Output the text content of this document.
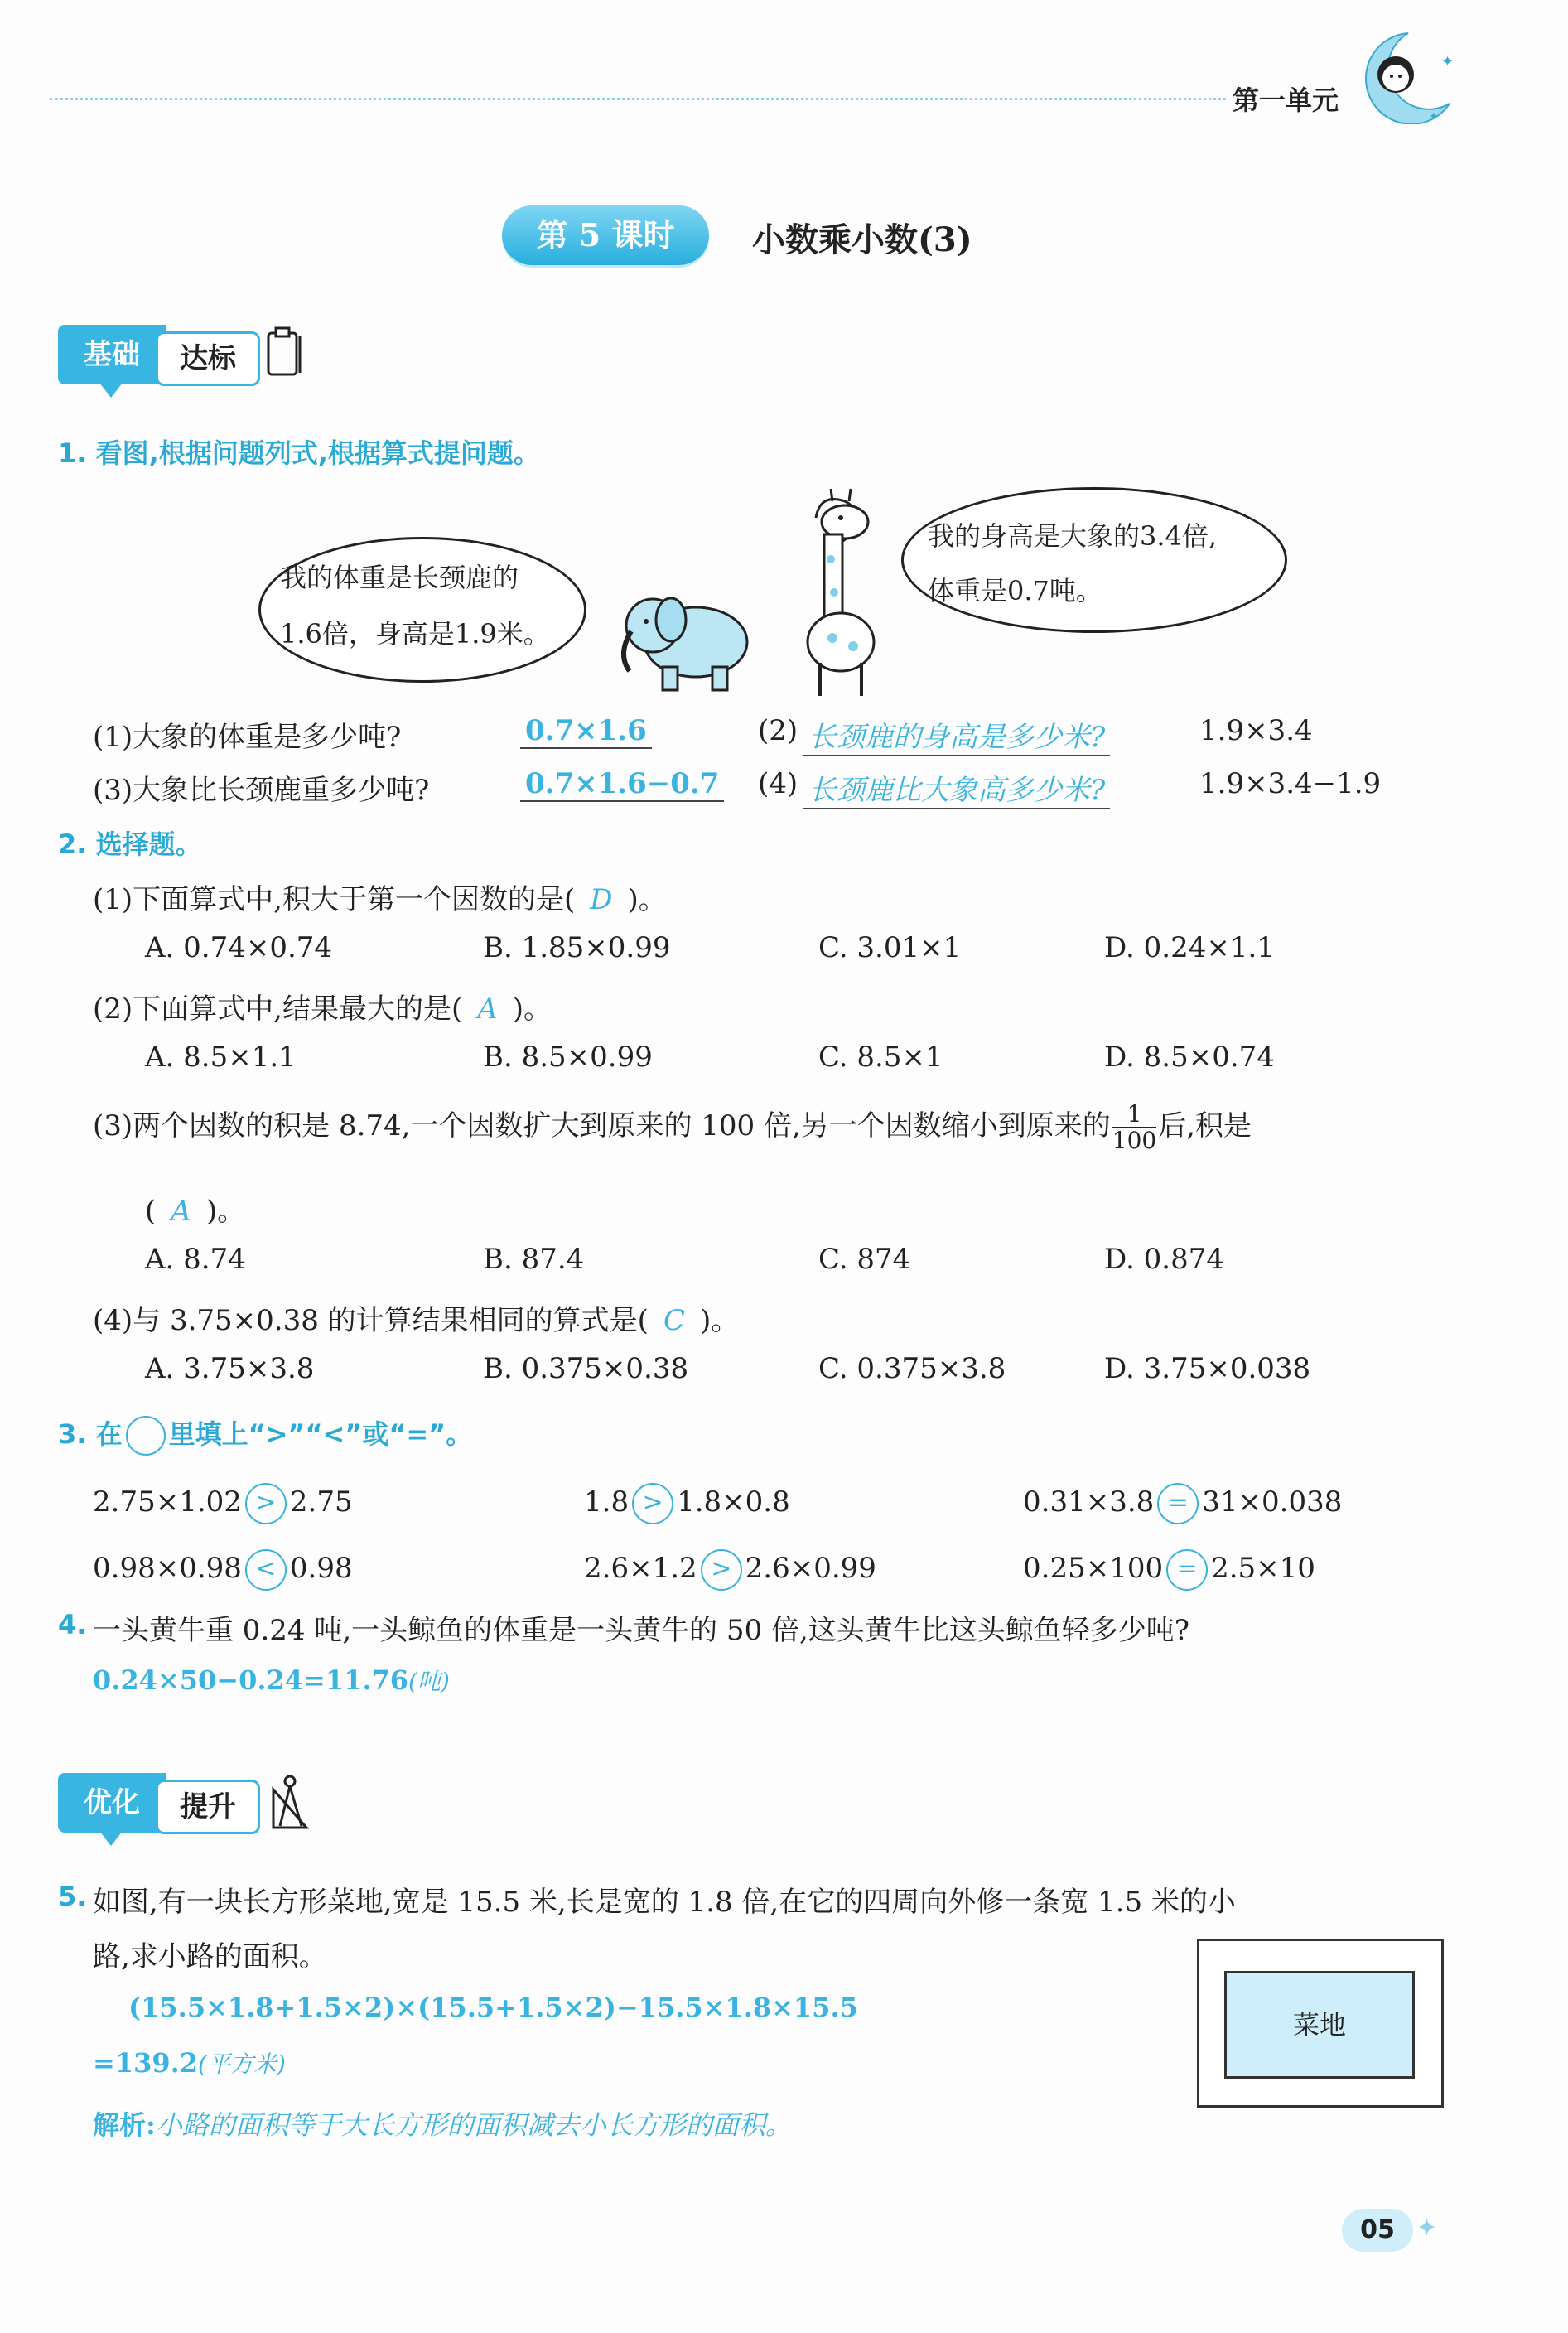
第一单元
✦
✦
第 5 课时	小数乘小数(3)
基础	达标
1. 看图,根据问题列式,根据算式提问题。
我的体重是长颈鹿的
1.6倍，身高是1.9米。
我的身高是大象的3.4倍,
体重是0.7吨。
(1)大象的体重是多少吨?	0.7×1.6	(2) 长颈鹿的身高是多少米?	1.9×3.4
(3)大象比长颈鹿重多少吨?	0.7×1.6−0.7 (4) 长颈鹿比大象高多少米?	1.9×3.4−1.9
2. 选择题。
(1)下面算式中,积大于第一个因数的是( D )。
A. 0.74×0.74	B. 1.85×0.99	C. 3.01×1	D. 0.24×1.1
(2)下面算式中,结果最大的是( A )。
A. 8.5×1.1	B. 8.5×0.99	C. 8.5×1	D. 8.5×0.74
(3)两个因数的积是 8.74,一个因数扩大到原来的 100 倍,另一个因数缩小到原来的 $\frac{1}{100}$ 后,积是
( A )。
A. 8.74	B. 87.4	C. 874	D. 0.874
(4)与 3.75×0.38 的计算结果相同的算式是( C )。
A. 3.75×3.8	B. 0.375×0.38	C. 0.375×3.8	D. 3.75×0.038
3. 在 里填上“>”“<”或“=”。
2.75×1.02 > 2.75	1.8 > 1.8×0.8	0.31×3.8 = 31×0.038
0.98×0.98 < 0.98	2.6×1.2 > 2.6×0.99	0.25×100 = 2.5×10
4. 一头黄牛重 0.24 吨,一头鲸鱼的体重是一头黄牛的 50 倍,这头黄牛比这头鲸鱼轻多少吨?
0.24×50−0.24=11.76(吨)
优化	提升
5. 如图,有一块长方形菜地,宽是 15.5 米,长是宽的 1.8 倍,在它的四周向外修一条宽 1.5 米的小
路,求小路的面积。
(15.5×1.8+1.5×2)×(15.5+1.5×2)−15.5×1.8×15.5
=139.2(平方米)
解析:小路的面积等于大长方形的面积减去小长方形的面积。
菜地
05 ✦
